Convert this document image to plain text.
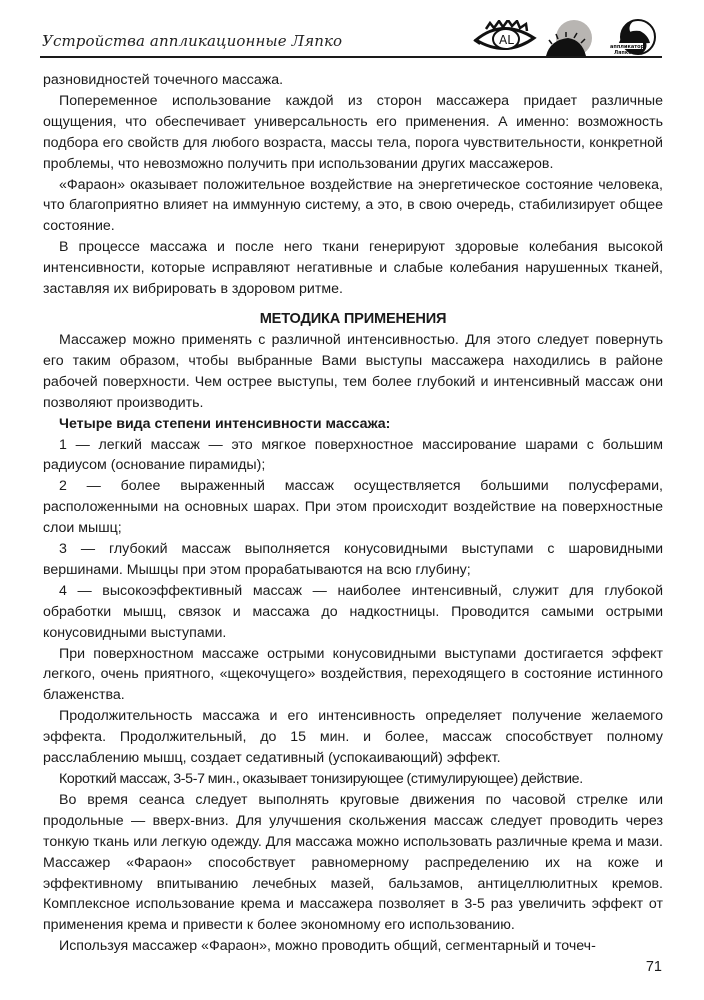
Устройства аппликационные Ляпко	AL	аппликатор
Ляпко

разновидностей точечного массажа.

Попеременное использование каждой из сторон массажера придает различные ощущения, что обеспечивает универсальность его применения. А именно: возможность подбора его свойств для любого возраста, массы тела, порога чувствительности, конкретной проблемы, что невозможно получить при использовании других массажеров.

«Фараон» оказывает положительное воздействие на энергетическое состояние человека, что благоприятно влияет на иммунную систему, а это, в свою очередь, стабилизирует общее состояние.

В процессе массажа и после него ткани генерируют здоровые колебания высокой интенсивности, которые исправляют негативные и слабые колебания нарушенных тканей, заставляя их вибрировать в здоровом ритме.

МЕТОДИКА ПРИМЕНЕНИЯ

Массажер можно применять с различной интенсивностью. Для этого следует повернуть его таким образом, чтобы выбранные Вами выступы массажера находились в районе рабочей поверхности. Чем острее выступы, тем более глубокий и интенсивный массаж они позволяют производить.

Четыре вида степени интенсивности массажа:

1 — легкий массаж — это мягкое поверхностное массирование шарами с большим радиусом (основание пирамиды);

2 — более выраженный массаж осуществляется большими полусферами, расположенными на основных шарах. При этом происходит воздействие на поверхностные слои мышц;

3 — глубокий массаж выполняется конусовидными выступами с шаровидными вершинами. Мышцы при этом прорабатываются на всю глубину;

4 — высокоэффективный массаж — наиболее интенсивный, служит для глубокой обработки мышц, связок и массажа до надкостницы. Проводится самыми острыми конусовидными выступами.

При поверхностном массаже острыми конусовидными выступами достигается эффект легкого, очень приятного, «щекочущего» воздействия, переходящего в состояние истинного блаженства.

Продолжительность массажа и его интенсивность определяет получение желаемого эффекта. Продолжительный, до 15 мин. и более, массаж способствует полному расслаблению мышц, создает седативный (успокаивающий) эффект.

Короткий массаж, 3-5-7 мин., оказывает тонизирующее (стимулирующее) действие.

Во время сеанса следует выполнять круговые движения по часовой стрелке или продольные — вверх-вниз. Для улучшения скольжения массаж следует проводить через тонкую ткань или легкую одежду. Для массажа можно использовать различные крема и мази. Массажер «Фараон» способствует равномерному распределению их на коже и эффективному впитыванию лечебных мазей, бальзамов, антицеллюлитных кремов. Комплексное использование крема и массажера позволяет в 3-5 раз увеличить эффект от применения крема и привести к более экономному его использованию.

Используя массажер «Фараон», можно проводить общий, сегментарный и точеч-

71
